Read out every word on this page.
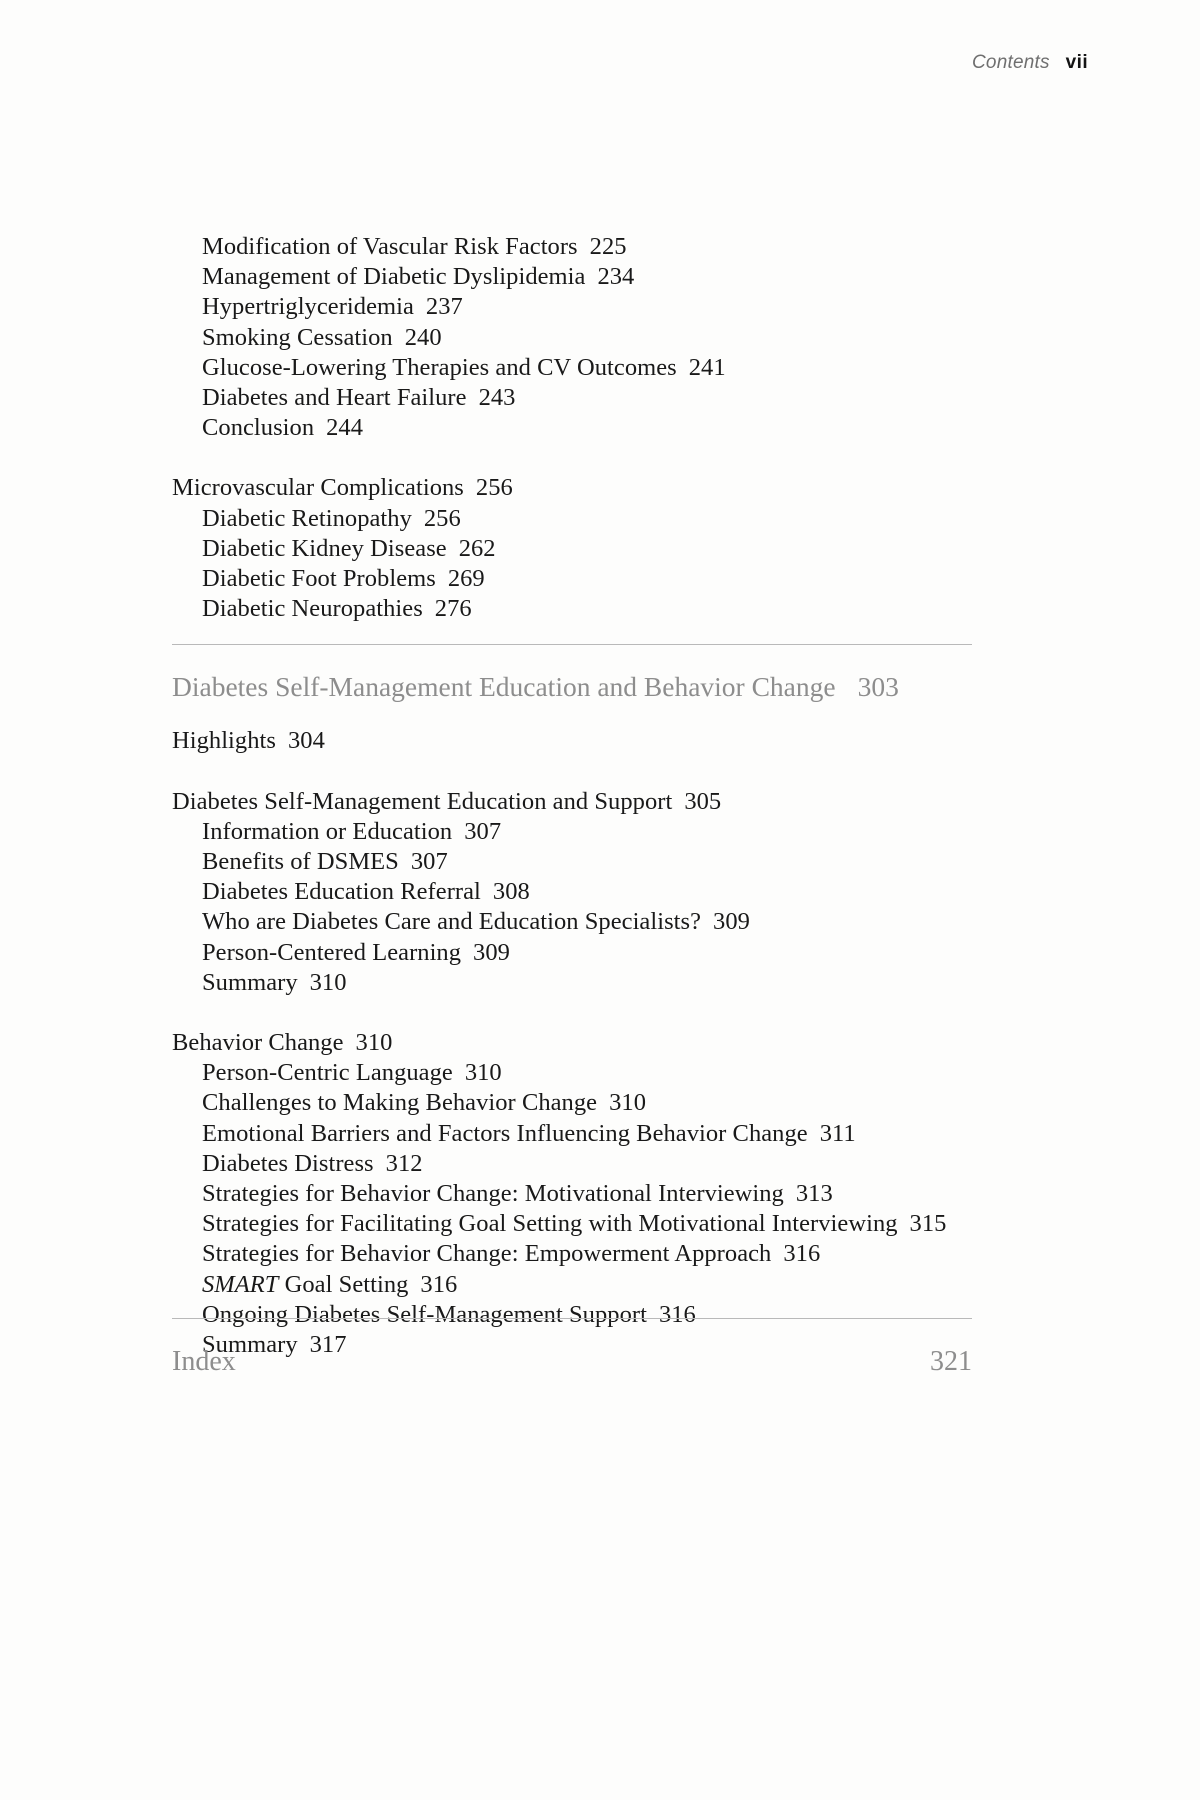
Contents vii
Modification of Vascular Risk Factors 225
Management of Diabetic Dyslipidemia 234
Hypertriglyceridemia 237
Smoking Cessation 240
Glucose-Lowering Therapies and CV Outcomes 241
Diabetes and Heart Failure 243
Conclusion 244
Microvascular Complications 256
Diabetic Retinopathy 256
Diabetic Kidney Disease 262
Diabetic Foot Problems 269
Diabetic Neuropathies 276
Diabetes Self-Management Education and Behavior Change 303
Highlights 304
Diabetes Self-Management Education and Support 305
Information or Education 307
Benefits of DSMES 307
Diabetes Education Referral 308
Who are Diabetes Care and Education Specialists? 309
Person-Centered Learning 309
Summary 310
Behavior Change 310
Person-Centric Language 310
Challenges to Making Behavior Change 310
Emotional Barriers and Factors Influencing Behavior Change 311
Diabetes Distress 312
Strategies for Behavior Change: Motivational Interviewing 313
Strategies for Facilitating Goal Setting with Motivational Interviewing 315
Strategies for Behavior Change: Empowerment Approach 316
SMART Goal Setting 316
Ongoing Diabetes Self-Management Support 316
Summary 317
Index	321
